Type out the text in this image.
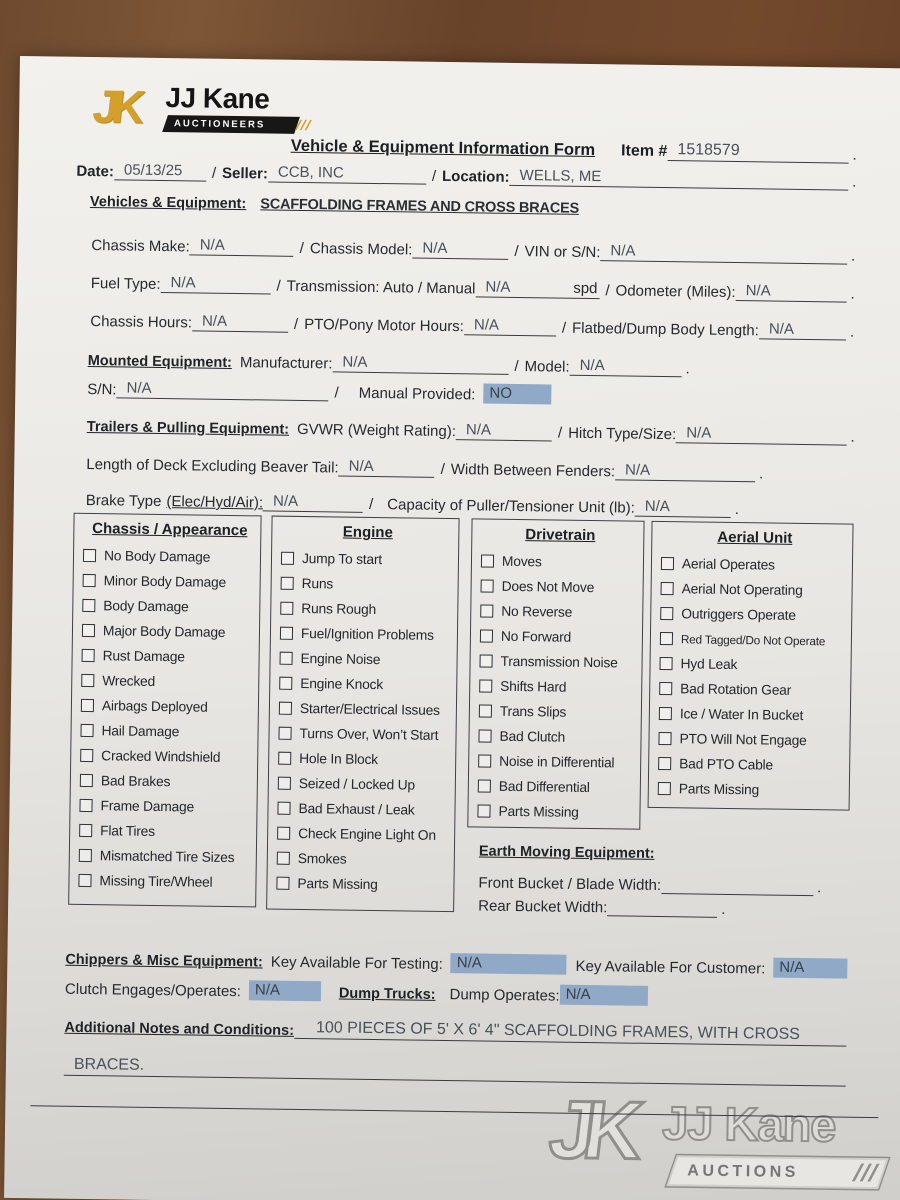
JK JJ Kane
AUCTIONEERS ///
Vehicle & Equipment Information Form Item # 1518579	.
Date: 05/13/25	/ Seller: CCB, INC	/ Location: WELLS, ME	.
Vehicles & Equipment: SCAFFOLDING FRAMES AND CROSS BRACES
Chassis Make: N/A	/ Chassis Model: N/A	/ VIN or S/N: N/A	.
Fuel Type: N/A	/ Transmission: Auto / Manual N/A	spd / Odometer (Miles): N/A	.
Chassis Hours: N/A	/ PTO/Pony Motor Hours: N/A	/ Flatbed/Dump Body Length: N/A	.
Mounted Equipment: Manufacturer: N/A	/ Model: N/A	.
S/N: N/A	/	Manual Provided: NO
Trailers & Pulling Equipment: GVWR (Weight Rating): N/A	/ Hitch Type/Size: N/A	.
Length of Deck Excluding Beaver Tail: N/A	/ Width Between Fenders: N/A	.
Brake Type (Elec/Hyd/Air): N/A	/ Capacity of Puller/Tensioner Unit (lb): N/A	.
Chassis / Appearance
No Body Damage
Minor Body Damage
Body Damage
Major Body Damage
Rust Damage
Wrecked
Airbags Deployed
Hail Damage
Cracked Windshield
Bad Brakes
Frame Damage
Flat Tires
Mismatched Tire Sizes
Missing Tire/Wheel
Engine
Jump To start
Runs
Runs Rough
Fuel/Ignition Problems
Engine Noise
Engine Knock
Starter/Electrical Issues
Turns Over, Won’t Start
Hole In Block
Seized / Locked Up
Bad Exhaust / Leak
Check Engine Light On
Smokes
Parts Missing
Drivetrain
Moves
Does Not Move
No Reverse
No Forward
Transmission Noise
Shifts Hard
Trans Slips
Bad Clutch
Noise in Differential
Bad Differential
Parts Missing
Aerial Unit
Aerial Operates
Aerial Not Operating
Outriggers Operate
Red Tagged/Do Not Operate
Hyd Leak
Bad Rotation Gear
Ice / Water In Bucket
PTO Will Not Engage
Bad PTO Cable
Parts Missing
Earth Moving Equipment:
Front Bucket / Blade Width:	.
Rear Bucket Width:	.
Chippers & Misc Equipment: Key Available For Testing: N/A	Key Available For Customer: N/A
Clutch Engages/Operates: N/A	Dump Trucks: Dump Operates: N/A
Additional Notes and Conditions:	100 PIECES OF 5' X 6' 4" SCAFFOLDING FRAMES, WITH CROSS
BRACES.
JK JJ Kane
AUCTIONS ///
